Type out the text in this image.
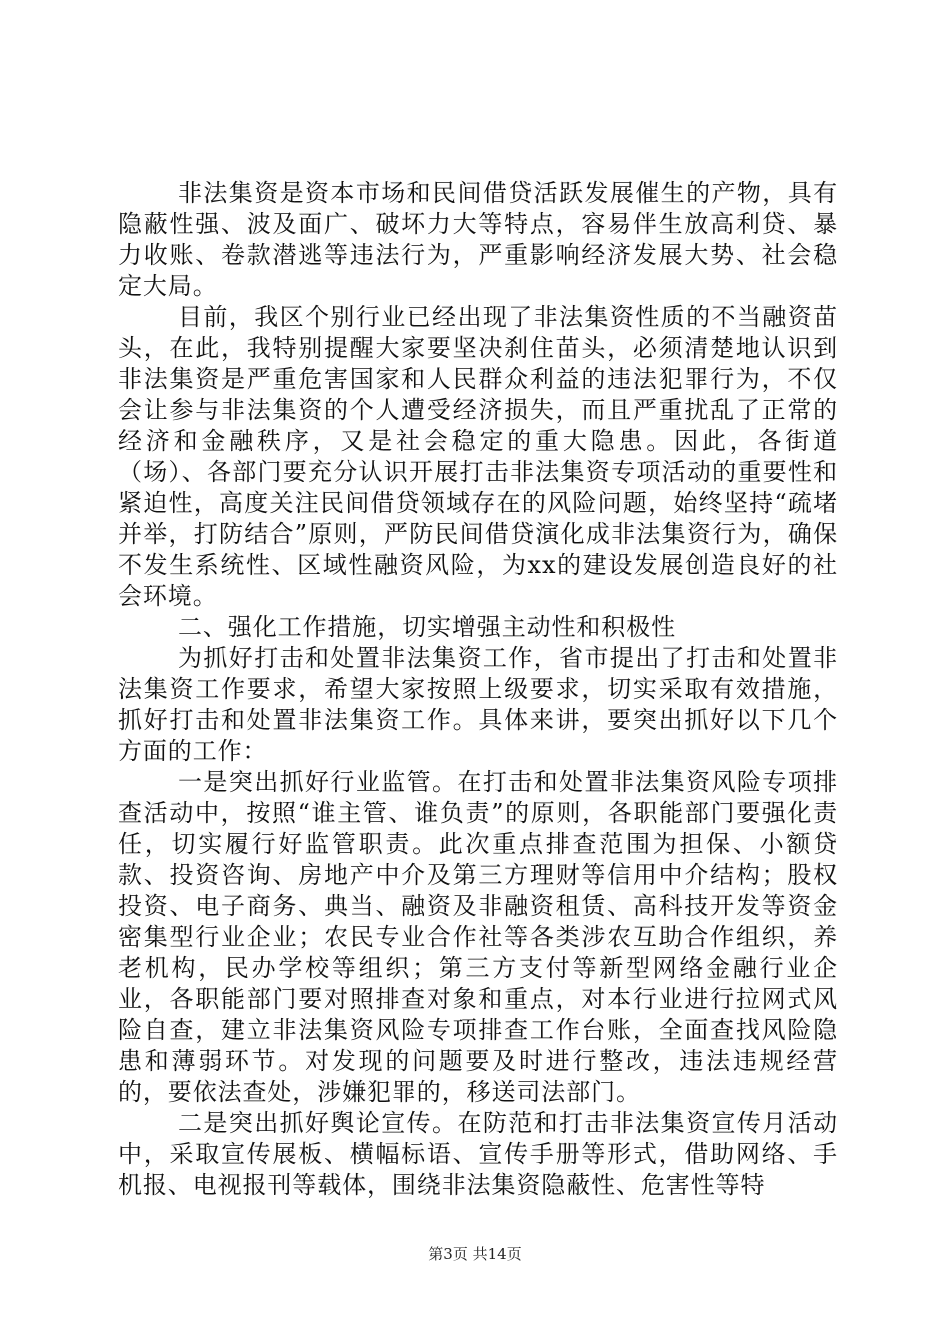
非法集资是资本市场和民间借贷活跃发展催生的产物，具有隐蔽性强、波及面广、破坏力大等特点，容易伴生放高利贷、暴力收账、卷款潜逃等违法行为，严重影响经济发展大势、社会稳定大局。

目前，我区个别行业已经出现了非法集资性质的不当融资苗头，在此，我特别提醒大家要坚决刹住苗头，必须清楚地认识到非法集资是严重危害国家和人民群众利益的违法犯罪行为，不仅会让参与非法集资的个人遭受经济损失，而且严重扰乱了正常的经济和金融秩序，又是社会稳定的重大隐患。因此，各街道（场）、各部门要充分认识开展打击非法集资专项活动的重要性和紧迫性，高度关注民间借贷领域存在的风险问题，始终坚持“疏堵并举，打防结合”原则，严防民间借贷演化成非法集资行为，确保不发生系统性、区域性融资风险，为xx的建设发展创造良好的社会环境。

二、强化工作措施，切实增强主动性和积极性

为抓好打击和处置非法集资工作，省市提出了打击和处置非法集资工作要求，希望大家按照上级要求，切实采取有效措施，抓好打击和处置非法集资工作。具体来讲，要突出抓好以下几个方面的工作：

一是突出抓好行业监管。在打击和处置非法集资风险专项排查活动中，按照“谁主管、谁负责”的原则，各职能部门要强化责任，切实履行好监管职责。此次重点排查范围为担保、小额贷款、投资咨询、房地产中介及第三方理财等信用中介结构；股权投资、电子商务、典当、融资及非融资租赁、高科技开发等资金密集型行业企业；农民专业合作社等各类涉农互助合作组织，养老机构，民办学校等组织；第三方支付等新型网络金融行业企业，各职能部门要对照排查对象和重点，对本行业进行拉网式风险自查，建立非法集资风险专项排查工作台账，全面查找风险隐患和薄弱环节。对发现的问题要及时进行整改，违法违规经营的，要依法查处，涉嫌犯罪的，移送司法部门。

二是突出抓好舆论宣传。在防范和打击非法集资宣传月活动中，采取宣传展板、横幅标语、宣传手册等形式，借助网络、手机报、电视报刊等载体，围绕非法集资隐蔽性、危害性等特

第3页 共14页
